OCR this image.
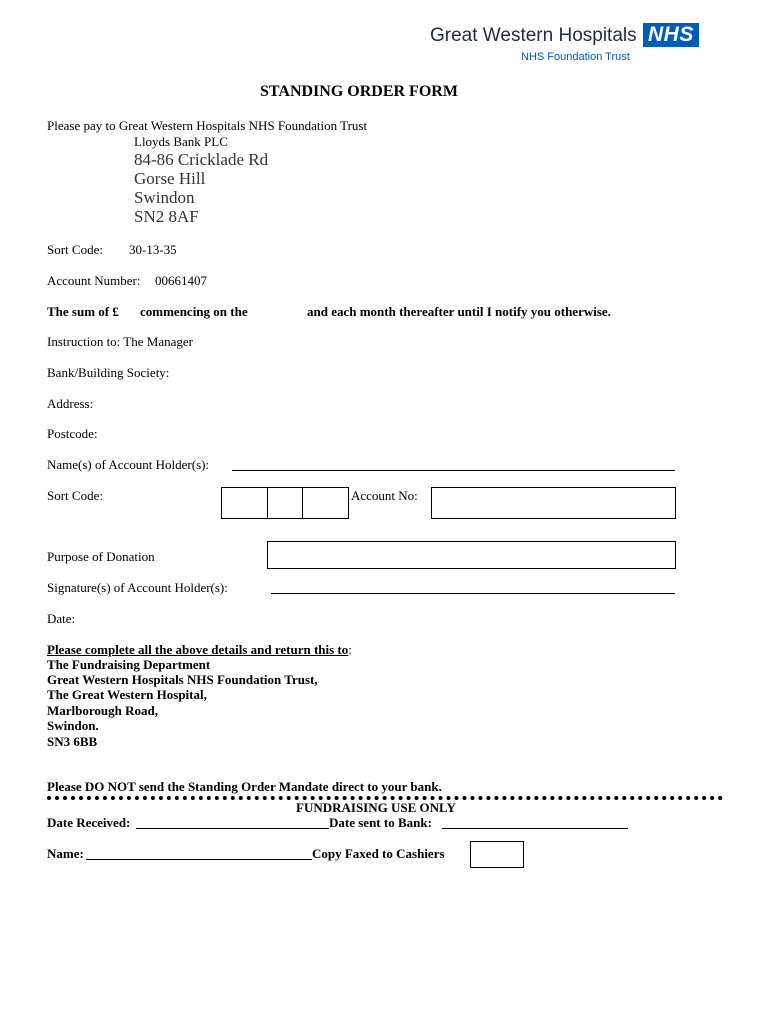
Great Western Hospitals NHS
NHS Foundation Trust
STANDING ORDER FORM
Please pay to Great Western Hospitals NHS Foundation Trust
Lloyds Bank PLC
84-86 Cricklade Rd
Gorse Hill
Swindon
SN2 8AF
Sort Code: 30-13-35
Account Number: 00661407
The sum of £ commencing on the	and each month thereafter until I notify you otherwise.
Instruction to: The Manager
Bank/Building Society:
Address:
Postcode:
Name(s) of Account Holder(s):
Sort Code:	Account No:
Purpose of Donation
Signature(s) of Account Holder(s):
Date:
Please complete all the above details and return this to:
The Fundraising Department
Great Western Hospitals NHS Foundation Trust,
The Great Western Hospital,
Marlborough Road,
Swindon.
SN3 6BB
Please DO NOT send the Standing Order Mandate direct to your bank.
FUNDRAISING USE ONLY
Date Received:	Date sent to Bank:
Name:	Copy Faxed to Cashiers
